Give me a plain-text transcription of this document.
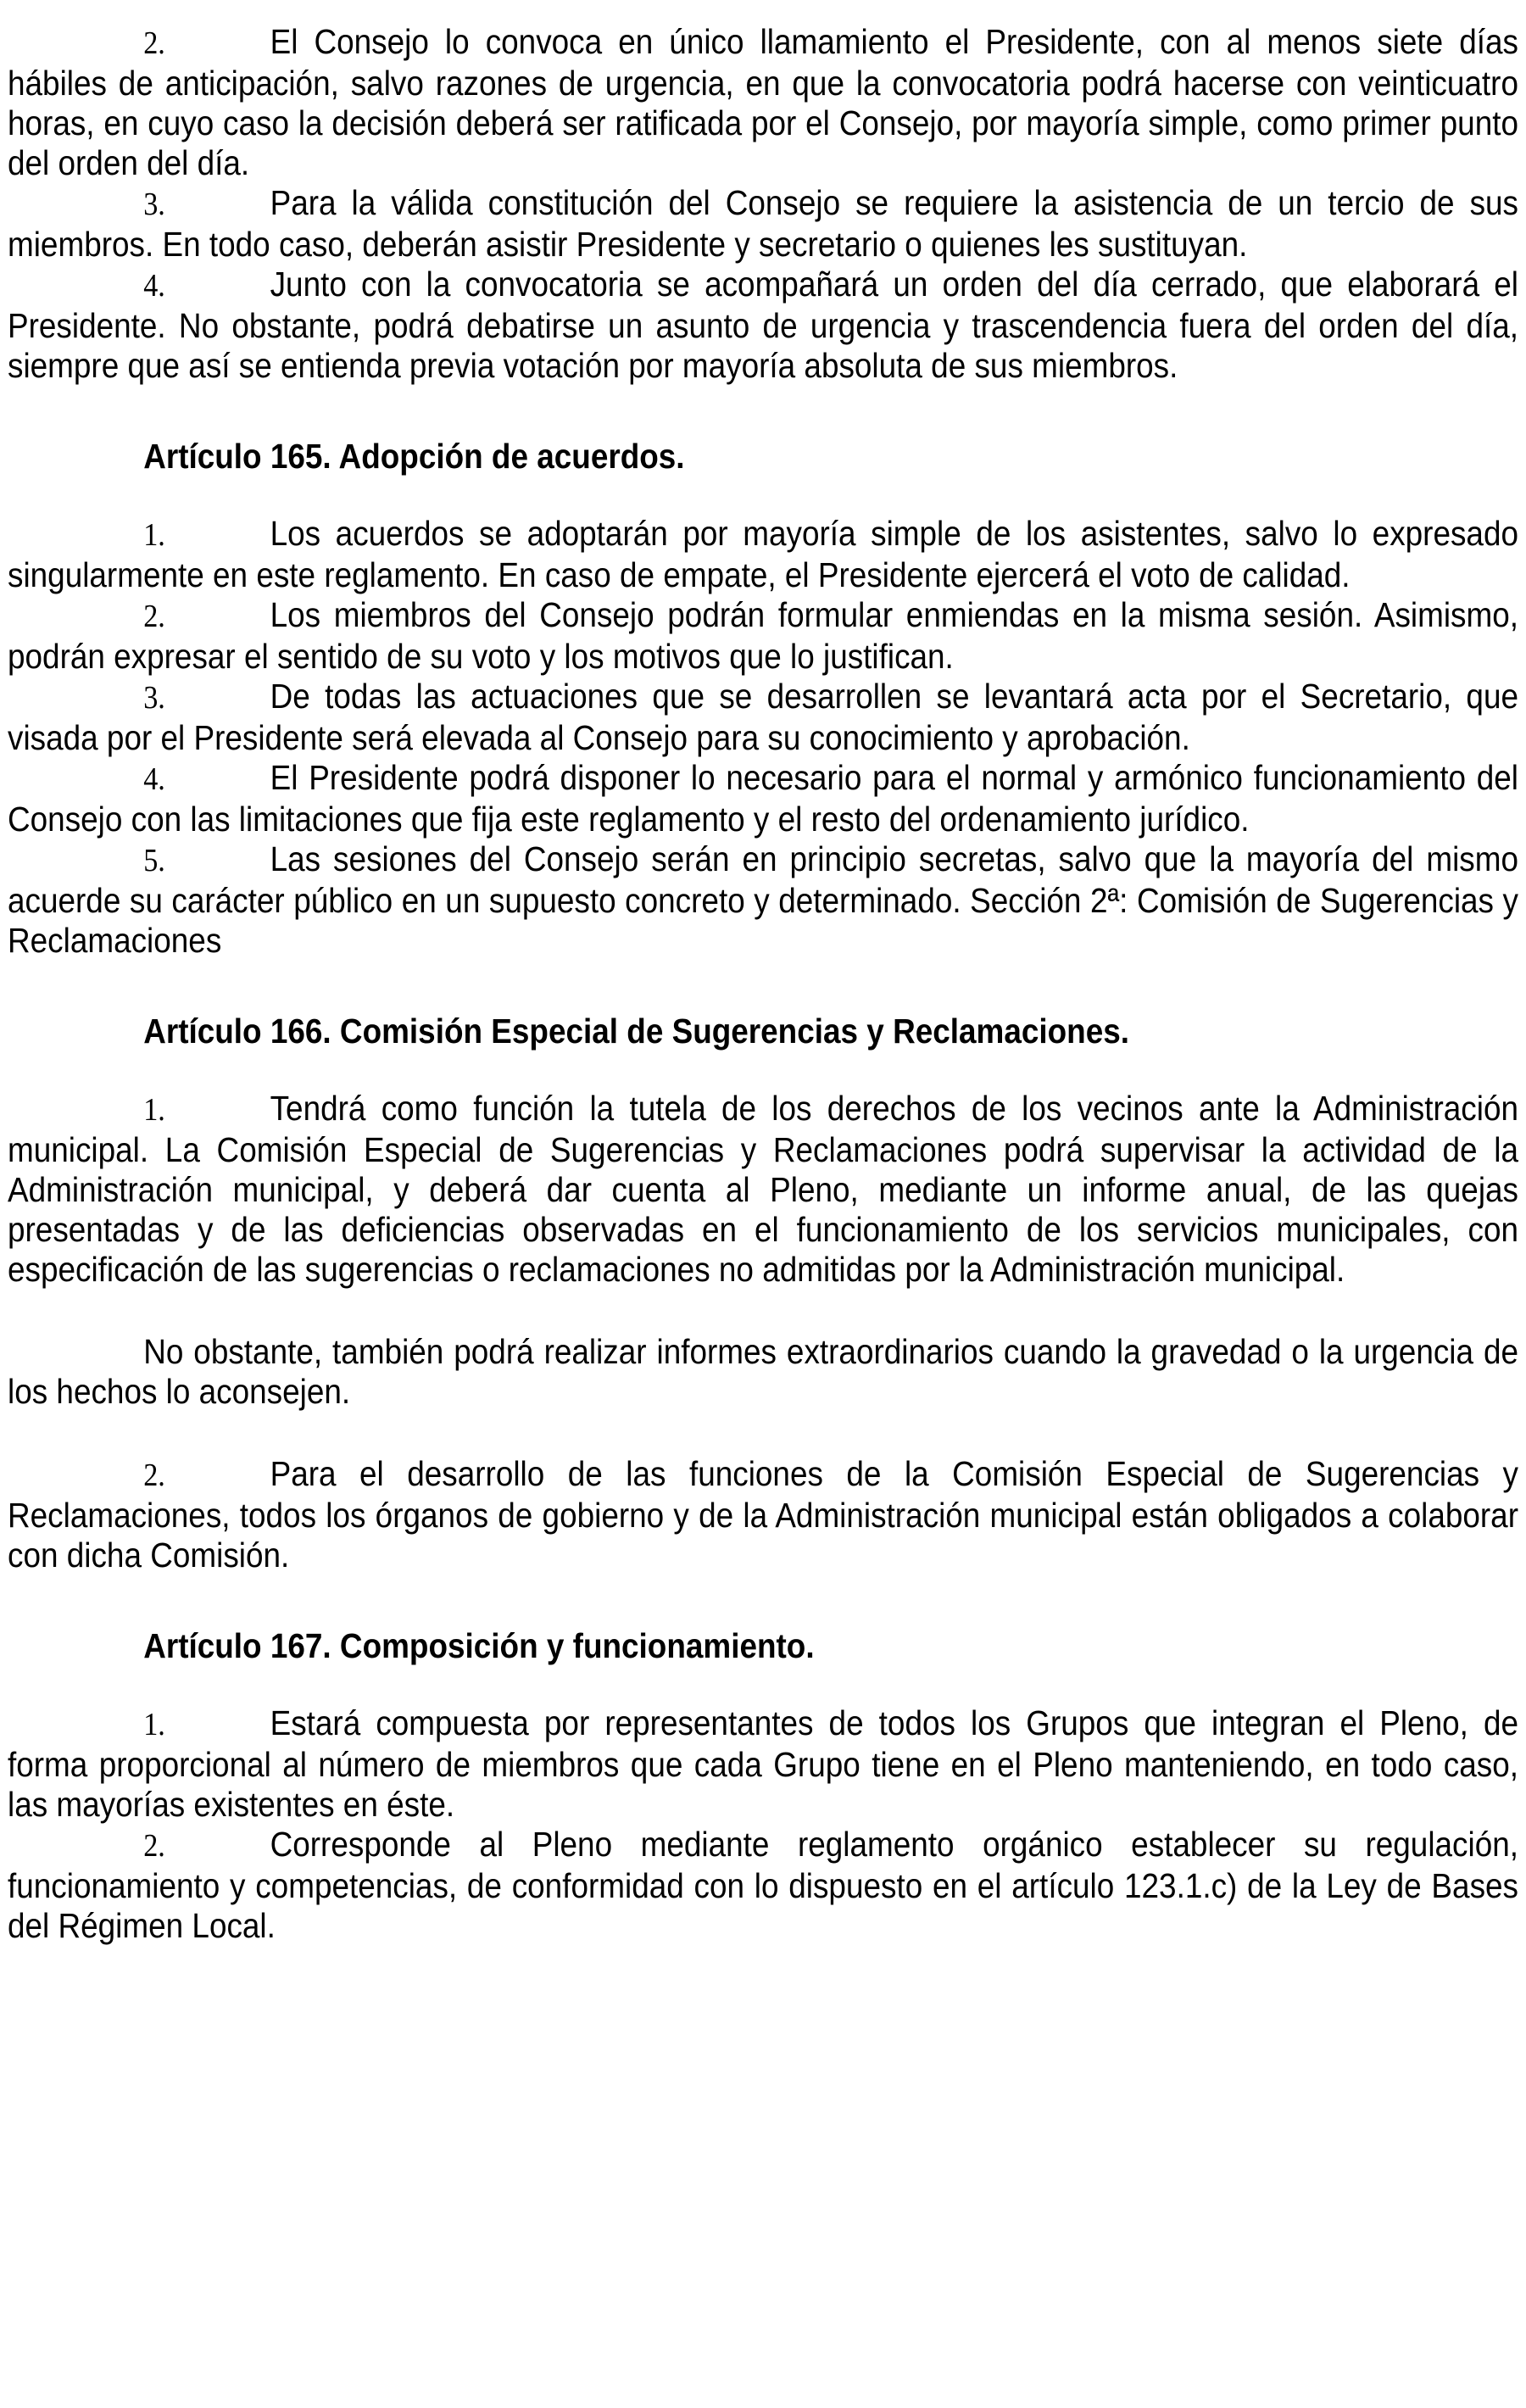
2.	El Consejo lo convoca en único llamamiento el Presidente, con al menos siete días hábiles de anticipación, salvo razones de urgencia, en que la convocatoria podrá hacerse con veinticuatro horas, en cuyo caso la decisión deberá ser ratificada por el Consejo, por mayoría simple, como primer punto del orden del día.

3.	Para la válida constitución del Consejo se requiere la asistencia de un tercio de sus miembros. En todo caso, deberán asistir Presidente y secretario o quienes les sustituyan.

4.	Junto con la convocatoria se acompañará un orden del día cerrado, que elaborará el Presidente. No obstante, podrá debatirse un asunto de urgencia y trascendencia fuera del orden del día, siempre que así se entienda previa votación por mayoría absoluta de sus miembros.

Artículo 165. Adopción de acuerdos.

1.	Los acuerdos se adoptarán por mayoría simple de los asistentes, salvo lo expresado singularmente en este reglamento. En caso de empate, el Presidente ejercerá el voto de calidad.

2.	Los miembros del Consejo podrán formular enmiendas en la misma sesión. Asimismo, podrán expresar el sentido de su voto y los motivos que lo justifican.

3.	De todas las actuaciones que se desarrollen se levantará acta por el Secretario, que visada por el Presidente será elevada al Consejo para su conocimiento y aprobación.

4.	El Presidente podrá disponer lo necesario para el normal y armónico funcionamiento del Consejo con las limitaciones que fija este reglamento y el resto del ordenamiento jurídico.

5.	Las sesiones del Consejo serán en principio secretas, salvo que la mayoría del mismo acuerde su carácter público en un supuesto concreto y determinado. Sección 2ª: Comisión de Sugerencias y Reclamaciones

Artículo 166. Comisión Especial de Sugerencias y Reclamaciones.

1.	Tendrá como función la tutela de los derechos de los vecinos ante la Administración municipal. La Comisión Especial de Sugerencias y Reclamaciones podrá supervisar la actividad de la Administración municipal, y deberá dar cuenta al Pleno, mediante un informe anual, de las quejas presentadas y de las deficiencias observadas en el funcionamiento de los servicios municipales, con especificación de las sugerencias o reclamaciones no admitidas por la Administración municipal.

No obstante, también podrá realizar informes extraordinarios cuando la gravedad o la urgencia de los hechos lo aconsejen.

2.	Para el desarrollo de las funciones de la Comisión Especial de Sugerencias y Reclamaciones, todos los órganos de gobierno y de la Administración municipal están obligados a colaborar con dicha Comisión.

Artículo 167. Composición y funcionamiento.

1.	Estará compuesta por representantes de todos los Grupos que integran el Pleno, de forma proporcional al número de miembros que cada Grupo tiene en el Pleno manteniendo, en todo caso, las mayorías existentes en éste.

2.	Corresponde al Pleno mediante reglamento orgánico establecer su regulación, funcionamiento y competencias, de conformidad con lo dispuesto en el artículo 123.1.c) de la Ley de Bases del Régimen Local.
